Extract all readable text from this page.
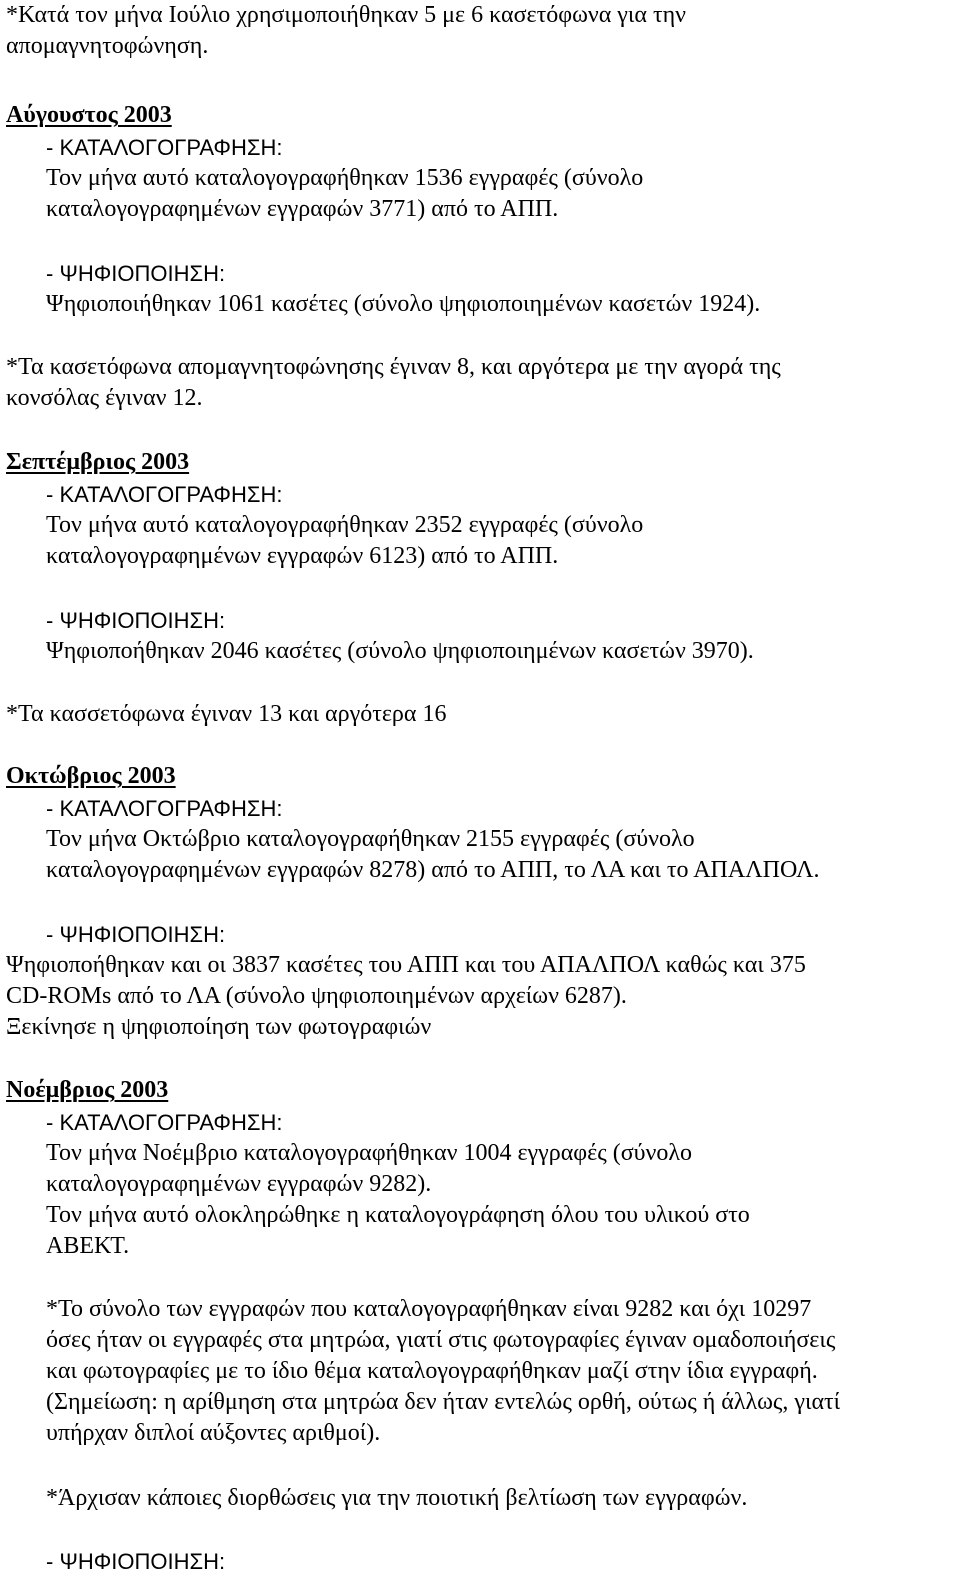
*Κατά τον μήνα Ιούλιο χρησιμοποιήθηκαν 5 με 6 κασετόφωνα για την
απομαγνητοφώνηση.

Αύγουστος 2003

- ΚΑΤΑΛΟΓΟΓΡΑΦΗΣΗ:

Τον μήνα αυτό καταλογογραφήθηκαν 1536 εγγραφές (σύνολο
καταλογογραφημένων εγγραφών 3771) από το ΑΠΠ.

- ΨΗΦΙΟΠΟΙΗΣΗ:

Ψηφιοποιήθηκαν 1061 κασέτες (σύνολο ψηφιοποιημένων κασετών 1924).

*Τα κασετόφωνα απομαγνητοφώνησης έγιναν 8, και αργότερα με την αγορά της
κονσόλας έγιναν 12.

Σεπτέμβριος 2003

- ΚΑΤΑΛΟΓΟΓΡΑΦΗΣΗ:

Τον μήνα αυτό καταλογογραφήθηκαν 2352 εγγραφές (σύνολο
καταλογογραφημένων εγγραφών 6123) από το ΑΠΠ.

- ΨΗΦΙΟΠΟΙΗΣΗ:

Ψηφιοποήθηκαν 2046 κασέτες (σύνολο ψηφιοποιημένων κασετών 3970).

*Τα κασσετόφωνα έγιναν 13 και αργότερα 16

Οκτώβριος 2003

- ΚΑΤΑΛΟΓΟΓΡΑΦΗΣΗ:

Τον μήνα Οκτώβριο καταλογογραφήθηκαν 2155 εγγραφές (σύνολο
καταλογογραφημένων εγγραφών 8278) από το ΑΠΠ, το ΛΑ και το ΑΠΑΛΠΟΛ.

- ΨΗΦΙΟΠΟΙΗΣΗ:

Ψηφιοποήθηκαν και οι 3837 κασέτες του ΑΠΠ και του ΑΠΑΛΠΟΛ καθώς και 375
CD-ROMs από το ΛΑ (σύνολο ψηφιοποιημένων αρχείων 6287).
Ξεκίνησε η ψηφιοποίηση των φωτογραφιών

Νοέμβριος 2003

- ΚΑΤΑΛΟΓΟΓΡΑΦΗΣΗ:

Τον μήνα Νοέμβριο καταλογογραφήθηκαν 1004 εγγραφές (σύνολο
καταλογογραφημένων εγγραφών 9282).
Τον μήνα αυτό ολοκληρώθηκε η καταλογογράφηση όλου του υλικού στο
ΑΒΕΚΤ.

*Το σύνολο των εγγραφών που καταλογογραφήθηκαν είναι 9282 και όχι 10297
όσες ήταν οι εγγραφές στα μητρώα, γιατί στις φωτογραφίες έγιναν ομαδοποιήσεις
και φωτογραφίες με το ίδιο θέμα καταλογογραφήθηκαν μαζί στην ίδια εγγραφή.
(Σημείωση: η αρίθμηση στα μητρώα δεν ήταν εντελώς ορθή, ούτως ή άλλως, γιατί
υπήρχαν διπλοί αύξοντες αριθμοί).

*Άρχισαν κάποιες διορθώσεις για την ποιοτική βελτίωση των εγγραφών.

- ΨΗΦΙΟΠΟΙΗΣΗ:
